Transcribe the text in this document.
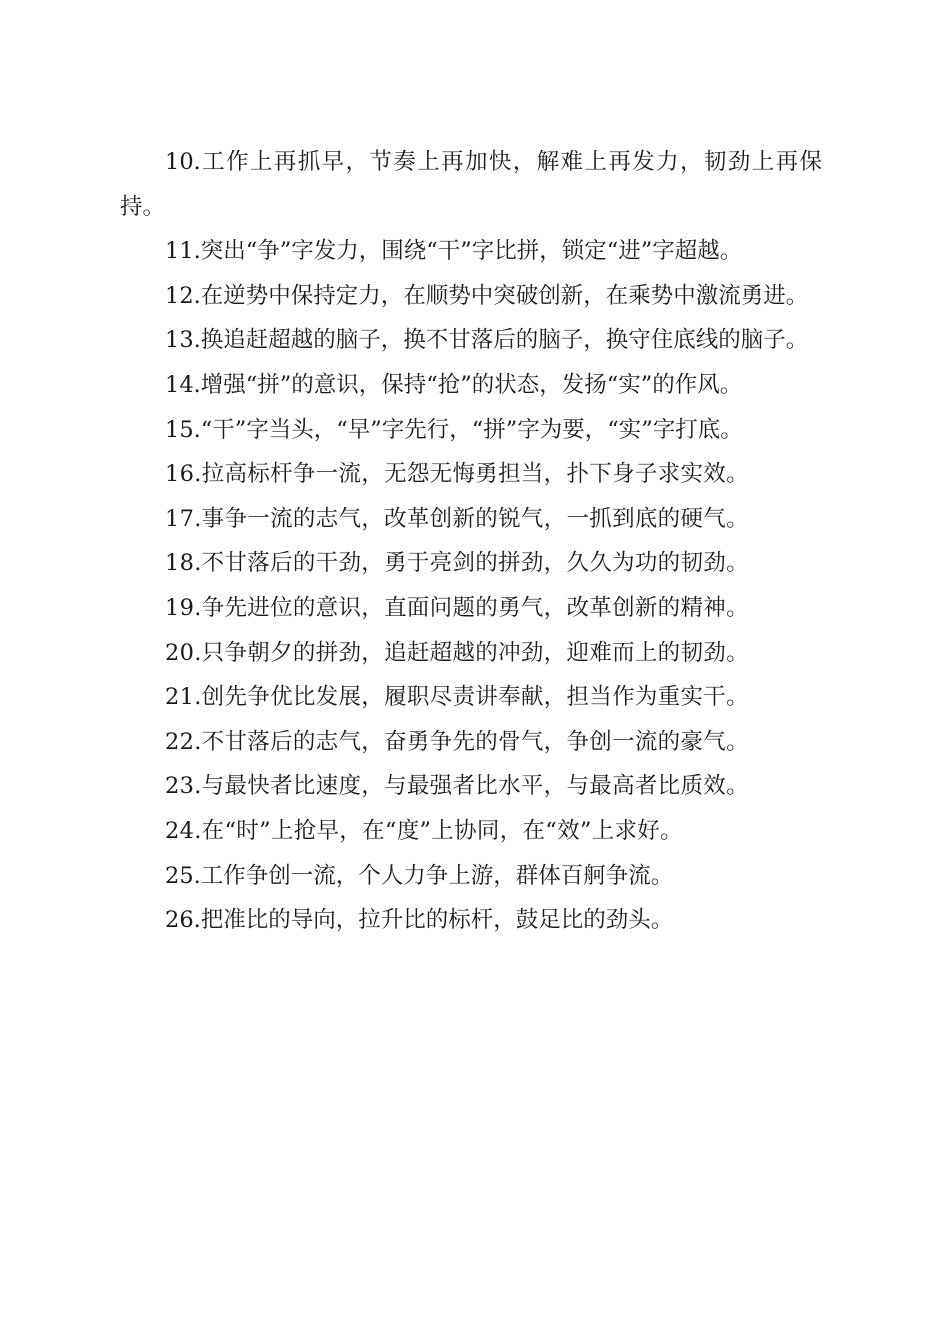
10.工作上再抓早，节奏上再加快，解难上再发力，韧劲上再保持。

11.突出“争”字发力，围绕“干”字比拼，锁定“进”字超越。

12.在逆势中保持定力，在顺势中突破创新，在乘势中激流勇进。

13.换追赶超越的脑子，换不甘落后的脑子，换守住底线的脑子。

14.增强“拼”的意识，保持“抢”的状态，发扬“实”的作风。

15.“干”字当头，“早”字先行，“拼”字为要，“实”字打底。

16.拉高标杆争一流，无怨无悔勇担当，扑下身子求实效。

17.事争一流的志气，改革创新的锐气，一抓到底的硬气。

18.不甘落后的干劲，勇于亮剑的拼劲，久久为功的韧劲。

19.争先进位的意识，直面问题的勇气，改革创新的精神。

20.只争朝夕的拼劲，追赶超越的冲劲，迎难而上的韧劲。

21.创先争优比发展，履职尽责讲奉献，担当作为重实干。

22.不甘落后的志气，奋勇争先的骨气，争创一流的豪气。

23.与最快者比速度，与最强者比水平，与最高者比质效。

24.在“时”上抢早，在“度”上协同，在“效”上求好。

25.工作争创一流，个人力争上游，群体百舸争流。

26.把准比的导向，拉升比的标杆，鼓足比的劲头。
